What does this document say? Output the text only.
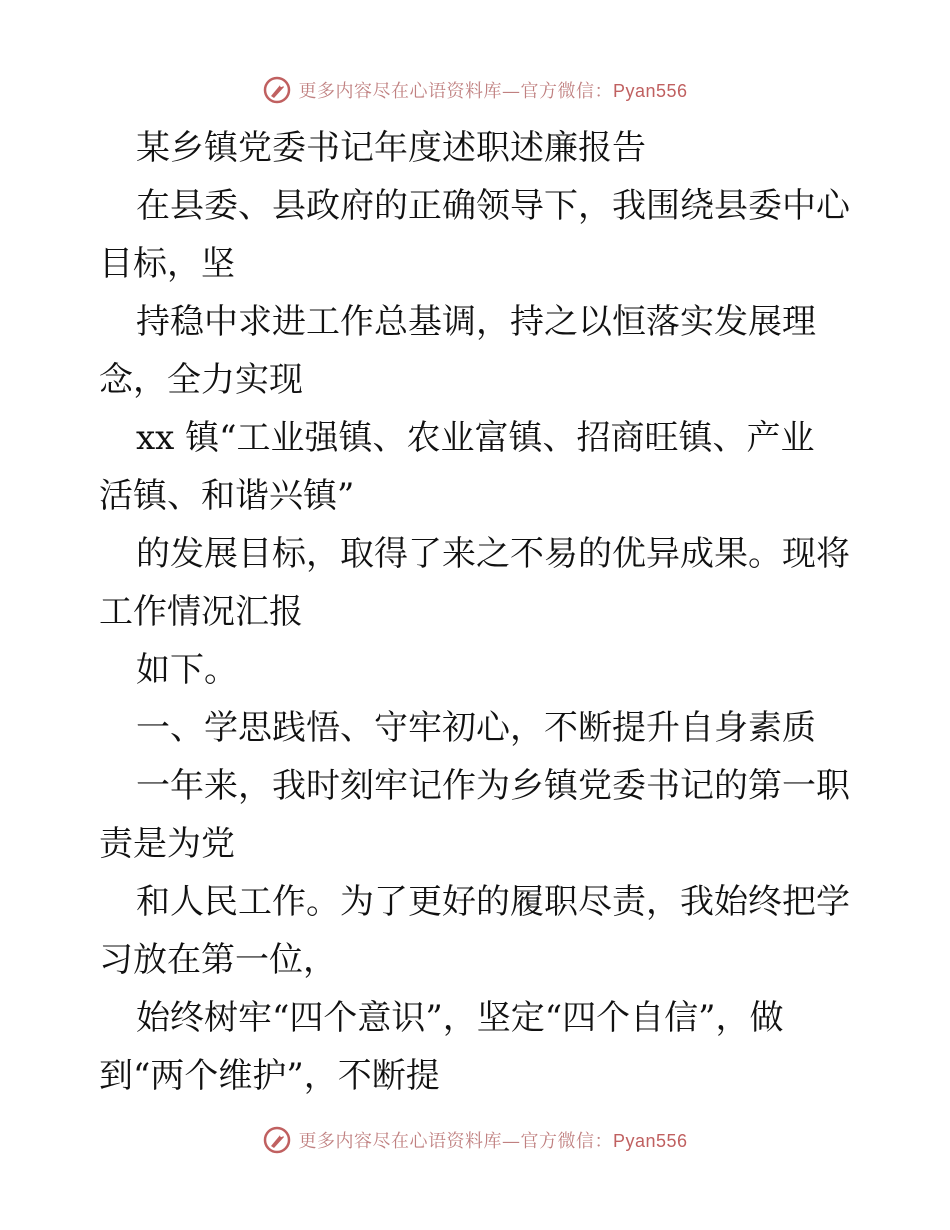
更多内容尽在心语资料库—官方微信：Pyan556
某乡镇党委书记年度述职述廉报告
在县委、县政府的正确领导下，我围绕县委中心
目标，坚
持稳中求进工作总基调，持之以恒落实发展理
念，全力实现
xx 镇“工业强镇、农业富镇、招商旺镇、产业
活镇、和谐兴镇”
的发展目标，取得了来之不易的优异成果。现将
工作情况汇报
如下。
一、学思践悟、守牢初心，不断提升自身素质
一年来，我时刻牢记作为乡镇党委书记的第一职
责是为党
和人民工作。为了更好的履职尽责，我始终把学
习放在第一位，
始终树牢“四个意识”，坚定“四个自信”，做
到“两个维护”，不断提
更多内容尽在心语资料库—官方微信：Pyan556
